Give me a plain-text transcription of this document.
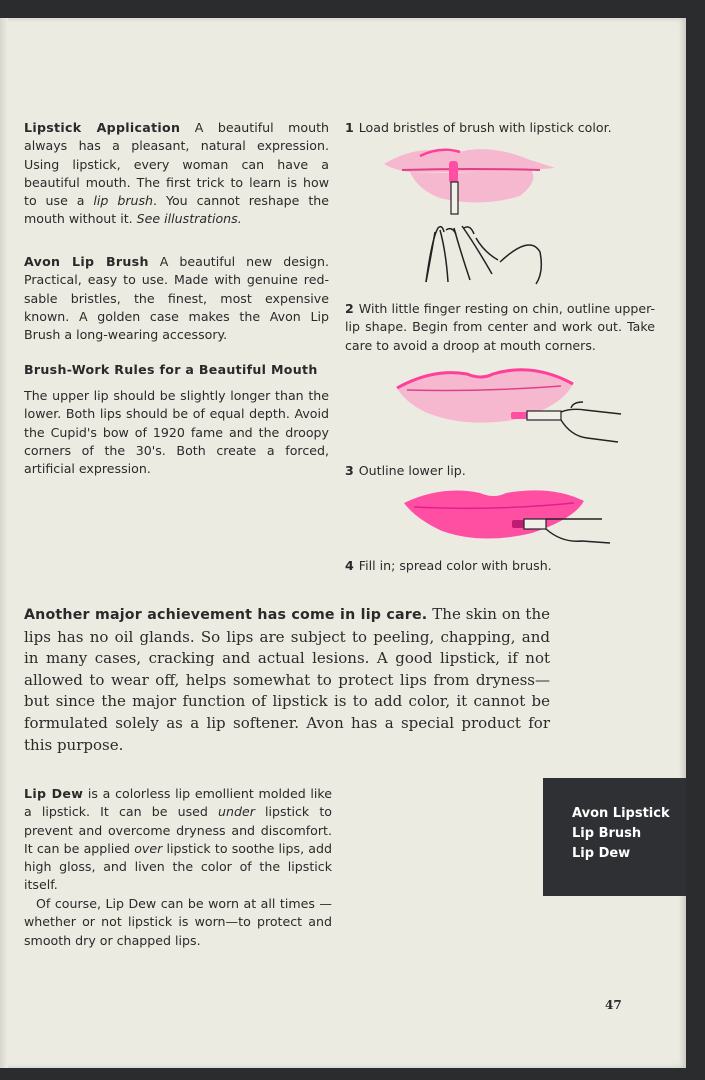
Lipstick Application A beautiful mouth always has a pleasant, natural expression. Using lipstick, every woman can have a beautiful mouth. The first trick to learn is how to use a lip brush. You cannot reshape the mouth without it. See illustrations.
Avon Lip Brush A beautiful new design. Practical, easy to use. Made with genuine red-sable bristles, the finest, most expensive known. A golden case makes the Avon Lip Brush a long-wearing accessory.
Brush-Work Rules for a Beautiful Mouth
The upper lip should be slightly longer than the lower. Both lips should be of equal depth. Avoid the Cupid's bow of 1920 fame and the droopy corners of the 30's. Both create a forced, artificial expression.
1 Load bristles of brush with lipstick color.
2 With little finger resting on chin, outline upper-lip shape. Begin from center and work out. Take care to avoid a droop at mouth corners.
3 Outline lower lip.
4 Fill in; spread color with brush.
Another major achievement has come in lip care. The skin on the lips has no oil glands. So lips are subject to peeling, chapping, and in many cases, cracking and actual lesions. A good lipstick, if not allowed to wear off, helps somewhat to protect lips from dryness—but since the major function of lipstick is to add color, it cannot be formulated solely as a lip softener. Avon has a special product for this purpose.
Lip Dew is a colorless lip emollient molded like a lipstick. It can be used under lipstick to prevent and overcome dryness and discomfort. It can be applied over lipstick to soothe lips, add high gloss, and liven the color of the lipstick itself.
Of course, Lip Dew can be worn at all times —whether or not lipstick is worn—to protect and smooth dry or chapped lips.
Avon Lipstick
Lip Brush
Lip Dew
47
